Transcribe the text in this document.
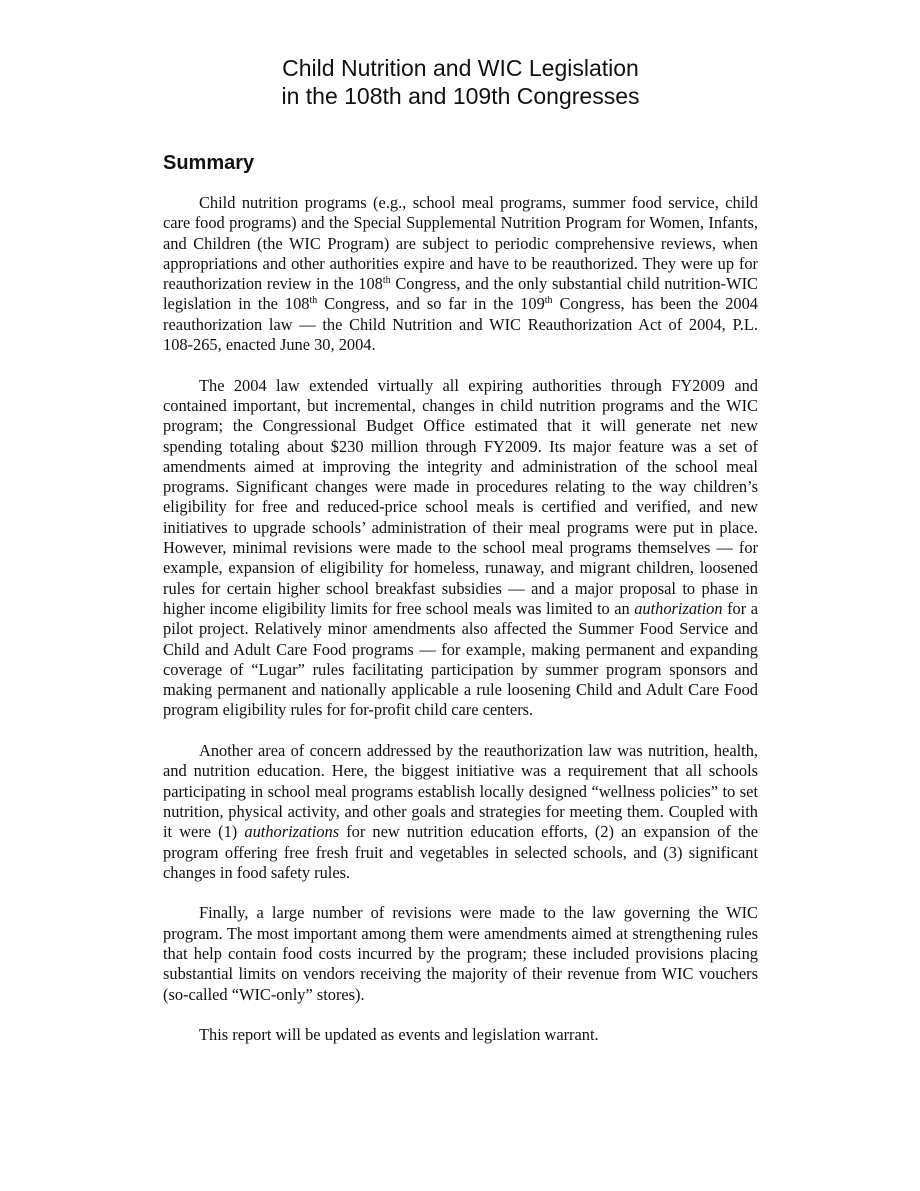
Child Nutrition and WIC Legislation
in the 108th and 109th Congresses
Summary

Child nutrition programs (e.g., school meal programs, summer food service, child care food programs) and the Special Supplemental Nutrition Program for Women, Infants, and Children (the WIC Program) are subject to periodic comprehensive reviews, when appropriations and other authorities expire and have to be reauthorized. They were up for reauthorization review in the 108th Congress, and the only substantial child nutrition-WIC legislation in the 108th Congress, and so far in the 109th Congress, has been the 2004 reauthorization law — the Child Nutrition and WIC Reauthorization Act of 2004, P.L. 108-265, enacted June 30, 2004.

The 2004 law extended virtually all expiring authorities through FY2009 and contained important, but incremental, changes in child nutrition programs and the WIC program; the Congressional Budget Office estimated that it will generate net new spending totaling about $230 million through FY2009. Its major feature was a set of amendments aimed at improving the integrity and administration of the school meal programs. Significant changes were made in procedures relating to the way children’s eligibility for free and reduced-price school meals is certified and verified, and new initiatives to upgrade schools’ administration of their meal programs were put in place. However, minimal revisions were made to the school meal programs themselves — for example, expansion of eligibility for homeless, runaway, and migrant children, loosened rules for certain higher school breakfast subsidies — and a major proposal to phase in higher income eligibility limits for free school meals was limited to an authorization for a pilot project. Relatively minor amendments also affected the Summer Food Service and Child and Adult Care Food programs — for example, making permanent and expanding coverage of “Lugar” rules facilitating participation by summer program sponsors and making permanent and nationally applicable a rule loosening Child and Adult Care Food program eligibility rules for for-profit child care centers.

Another area of concern addressed by the reauthorization law was nutrition, health, and nutrition education. Here, the biggest initiative was a requirement that all schools participating in school meal programs establish locally designed “wellness policies” to set nutrition, physical activity, and other goals and strategies for meeting them. Coupled with it were (1) authorizations for new nutrition education efforts, (2) an expansion of the program offering free fresh fruit and vegetables in selected schools, and (3) significant changes in food safety rules.

Finally, a large number of revisions were made to the law governing the WIC program. The most important among them were amendments aimed at strengthening rules that help contain food costs incurred by the program; these included provisions placing substantial limits on vendors receiving the majority of their revenue from WIC vouchers (so-called “WIC-only” stores).

This report will be updated as events and legislation warrant.
